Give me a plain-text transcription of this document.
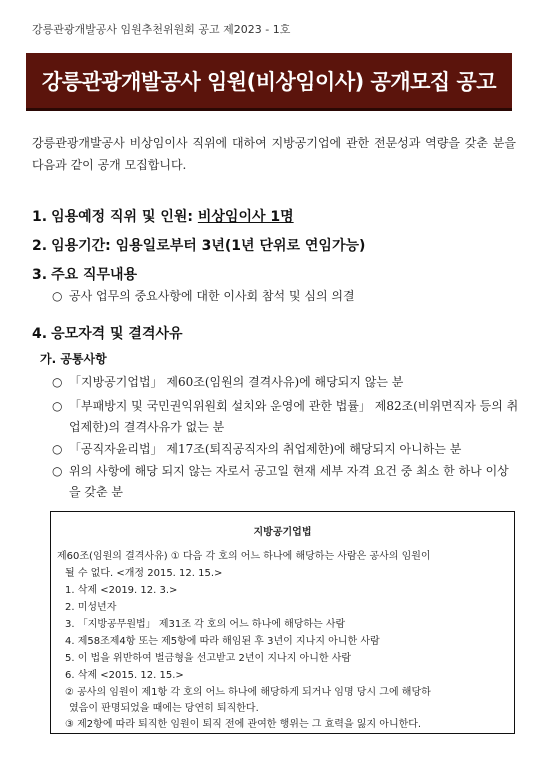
강릉관광개발공사 임원추천위원회 공고 제2023 - 1호
강릉관광개발공사 임원(비상임이사) 공개모집 공고
강릉관광개발공사 비상임이사 직위에 대하여 지방공기업에 관한 전문성과 역량을 갖춘 분을 다음과 같이 공개 모집합니다.
1. 임용예정 직위 및 인원: 비상임이사 1명
2. 임용기간: 임용일로부터 3년(1년 단위로 연임가능)
3. 주요 직무내용
○ 공사 업무의 중요사항에 대한 이사회 참석 및 심의 의결
4. 응모자격 및 결격사유
가. 공통사항
○ 「지방공기업법」 제60조(임원의 결격사유)에 해당되지 않는 분
○ 「부패방지 및 국민권익위원회 설치와 운영에 관한 법률」 제82조(비위면직자 등의 취업제한)의 결격사유가 없는 분
○ 「공직자윤리법」 제17조(퇴직공직자의 취업제한)에 해당되지 아니하는 분
○ 위의 사항에 해당 되지 않는 자로서 공고일 현재 세부 자격 요건 중 최소 한 하나 이상을 갖춘 분
지방공기업법
제60조(임원의 결격사유) ① 다음 각 호의 어느 하나에 해당하는 사람은 공사의 임원이
될 수 없다. <개정 2015. 12. 15.>
1. 삭제 <2019. 12. 3.>
2. 미성년자
3. 「지방공무원법」 제31조 각 호의 어느 하나에 해당하는 사람
4. 제58조제4항 또는 제5항에 따라 해임된 후 3년이 지나지 아니한 사람
5. 이 법을 위반하여 벌금형을 선고받고 2년이 지나지 아니한 사람
6. 삭제 <2015. 12. 15.>
② 공사의 임원이 제1항 각 호의 어느 하나에 해당하게 되거나 임명 당시 그에 해당하
였음이 판명되었을 때에는 당연히 퇴직한다.
③ 제2항에 따라 퇴직한 임원이 퇴직 전에 관여한 행위는 그 효력을 잃지 아니한다.
